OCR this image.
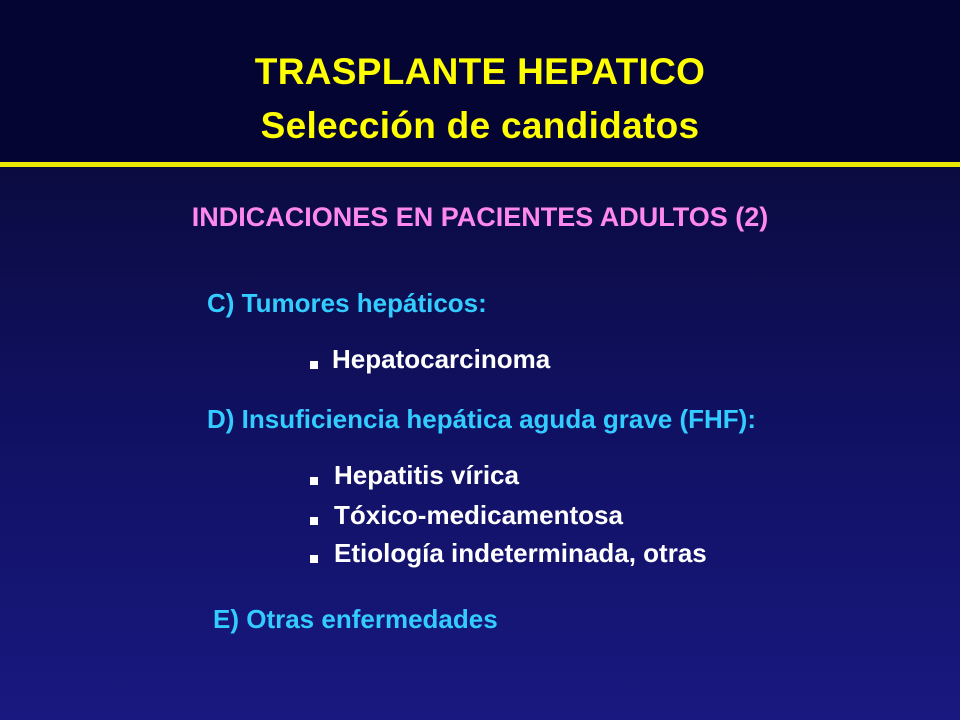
TRASPLANTE HEPATICO
Selección de candidatos
INDICACIONES EN PACIENTES ADULTOS (2)
C) Tumores hepáticos:
Hepatocarcinoma
D) Insuficiencia hepática aguda grave (FHF):
Hepatitis vírica
Tóxico-medicamentosa
Etiología indeterminada, otras
E) Otras enfermedades
